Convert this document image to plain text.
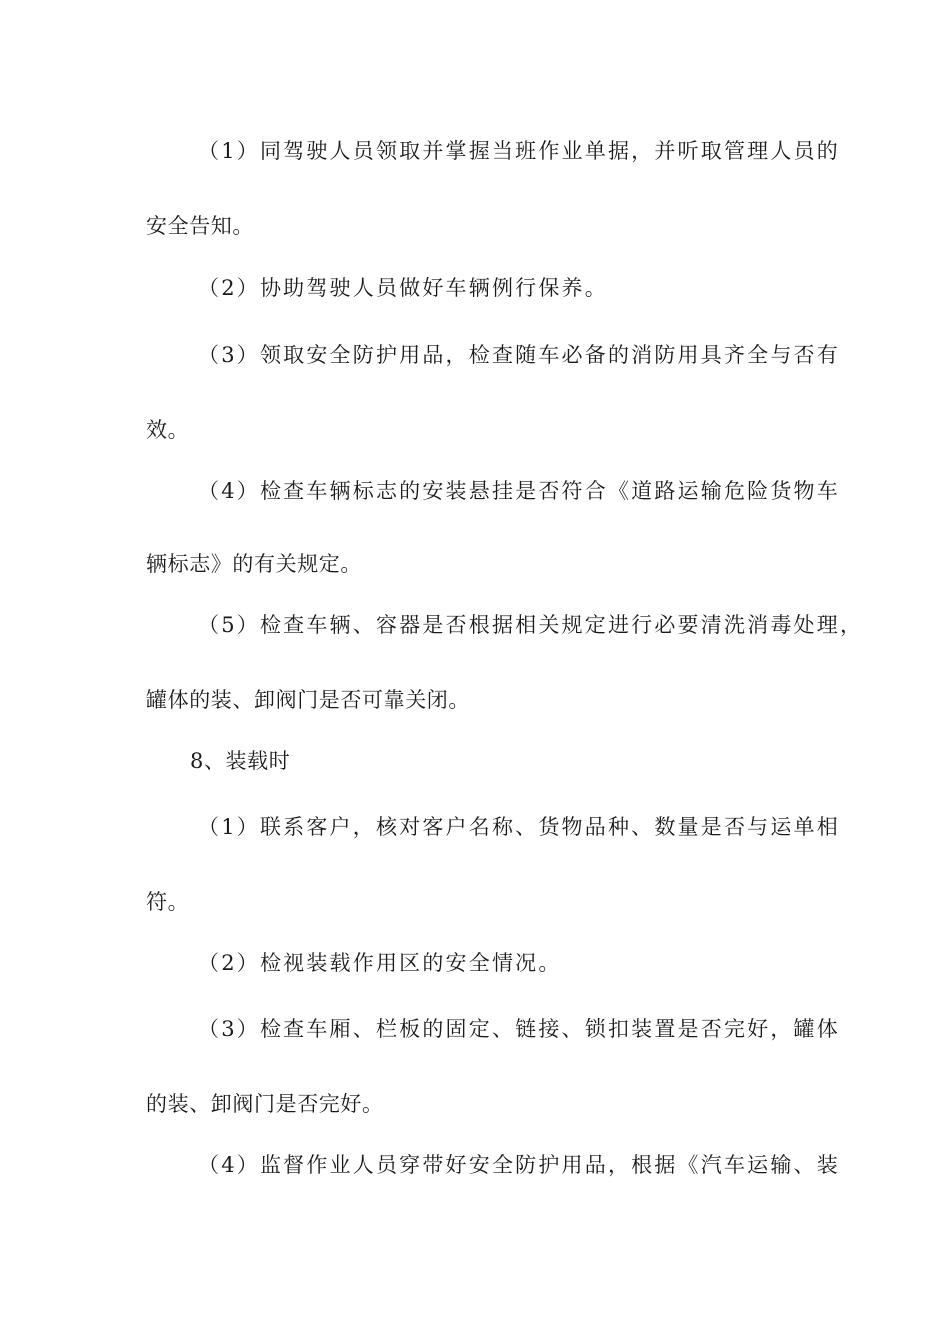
（1）同驾驶人员领取并掌握当班作业单据，并听取管理人员的
安全告知。
（2）协助驾驶人员做好车辆例行保养。
（3）领取安全防护用品，检查随车必备的消防用具齐全与否有
效。
（4）检查车辆标志的安装悬挂是否符合《道路运输危险货物车
辆标志》的有关规定。
（5）检查车辆、容器是否根据相关规定进行必要清洗消毒处理，
罐体的装、卸阀门是否可靠关闭。
8、装载时
（1）联系客户，核对客户名称、货物品种、数量是否与运单相
符。
（2）检视装载作用区的安全情况。
（3）检查车厢、栏板的固定、链接、锁扣装置是否完好，罐体
的装、卸阀门是否完好。
（4）监督作业人员穿带好安全防护用品，根据《汽车运输、装
